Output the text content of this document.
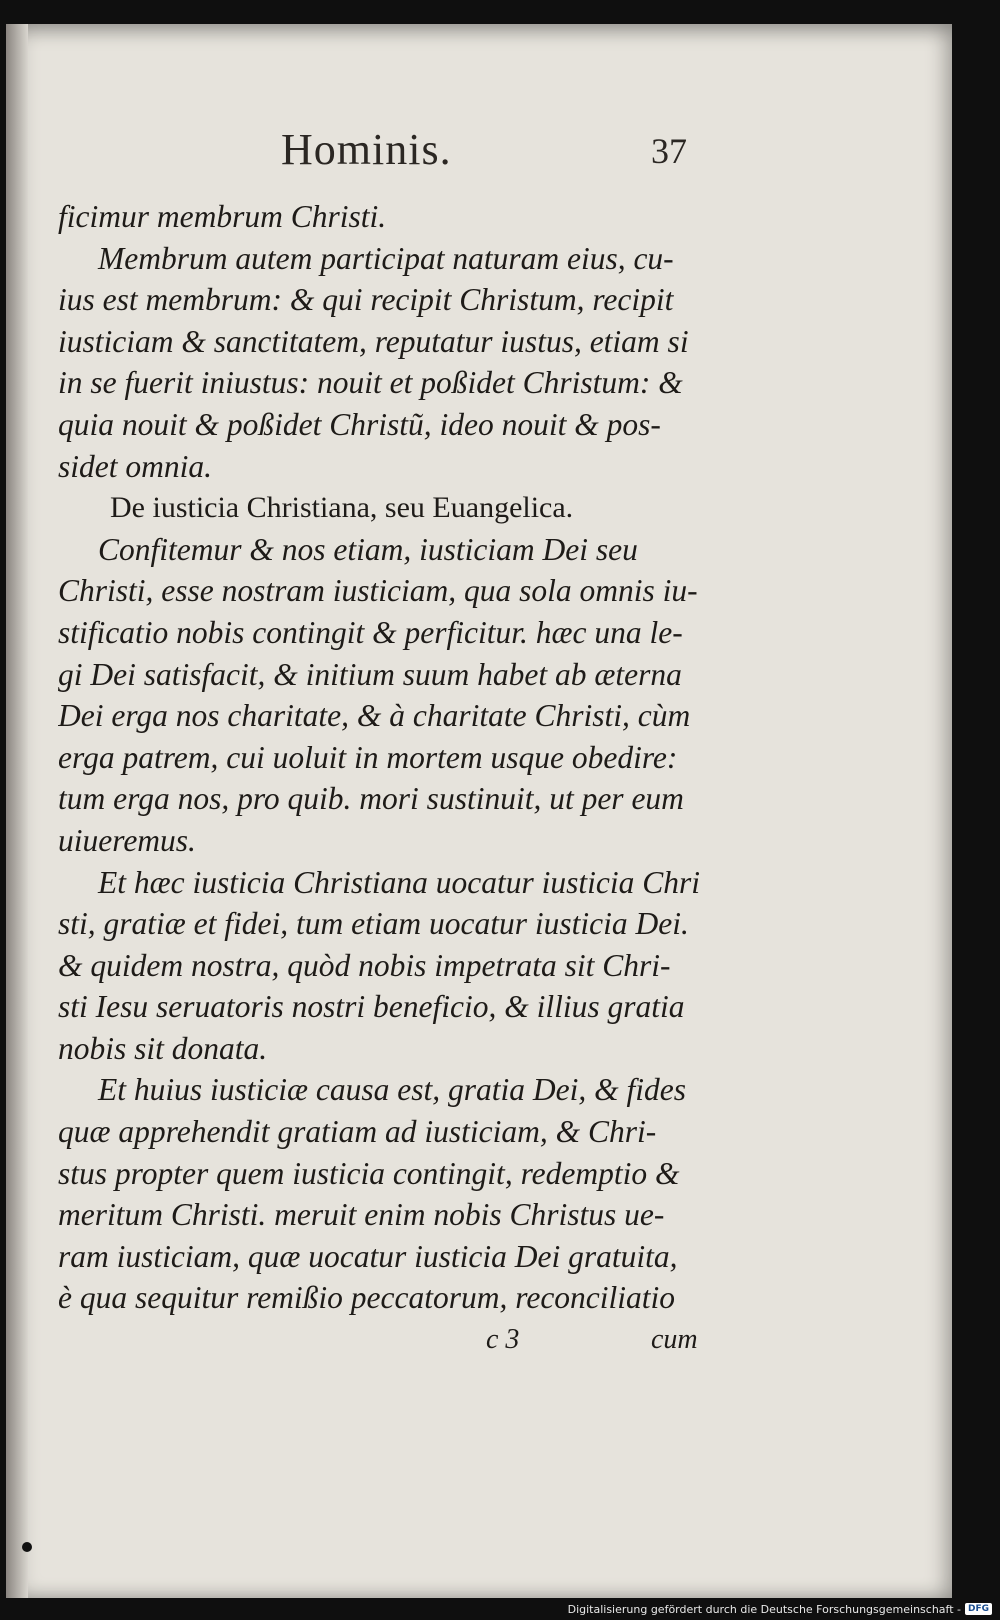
Hominis.	37
ficimur membrum Christi.
Membrum autem participat naturam eius, cu-
ius est membrum: & qui recipit Christum, recipit
iusticiam & sanctitatem, reputatur iustus, etiam si
in se fuerit iniustus: nouit et poßidet Christum: &
quia nouit & poßidet Christũ, ideo nouit & pos-
sidet omnia.
De iusticia Christiana, seu Euangelica.
Confitemur & nos etiam, iusticiam Dei seu
Christi, esse nostram iusticiam, qua sola omnis iu-
stificatio nobis contingit & perficitur. hæc una le-
gi Dei satisfacit, & initium suum habet ab æterna
Dei erga nos charitate, & à charitate Christi, cùm
erga patrem, cui uoluit in mortem usque obedire:
tum erga nos, pro quib. mori sustinuit, ut per eum
uiueremus.
Et hæc iusticia Christiana uocatur iusticia Chri
sti, gratiæ et fidei, tum etiam uocatur iusticia Dei.
& quidem nostra, quòd nobis impetrata sit Chri-
sti Iesu seruatoris nostri beneficio, & illius gratia
nobis sit donata.
Et huius iusticiæ causa est, gratia Dei, & fides
quæ apprehendit gratiam ad iusticiam, & Chri-
stus propter quem iusticia contingit, redemptio &
meritum Christi. meruit enim nobis Christus ue-
ram iusticiam, quæ uocatur iusticia Dei gratuita,
è qua sequitur remißio peccatorum, reconciliatio
c 3	cum
Digitalisierung gefördert durch die Deutsche Forschungsgemeinschaft - DFG
